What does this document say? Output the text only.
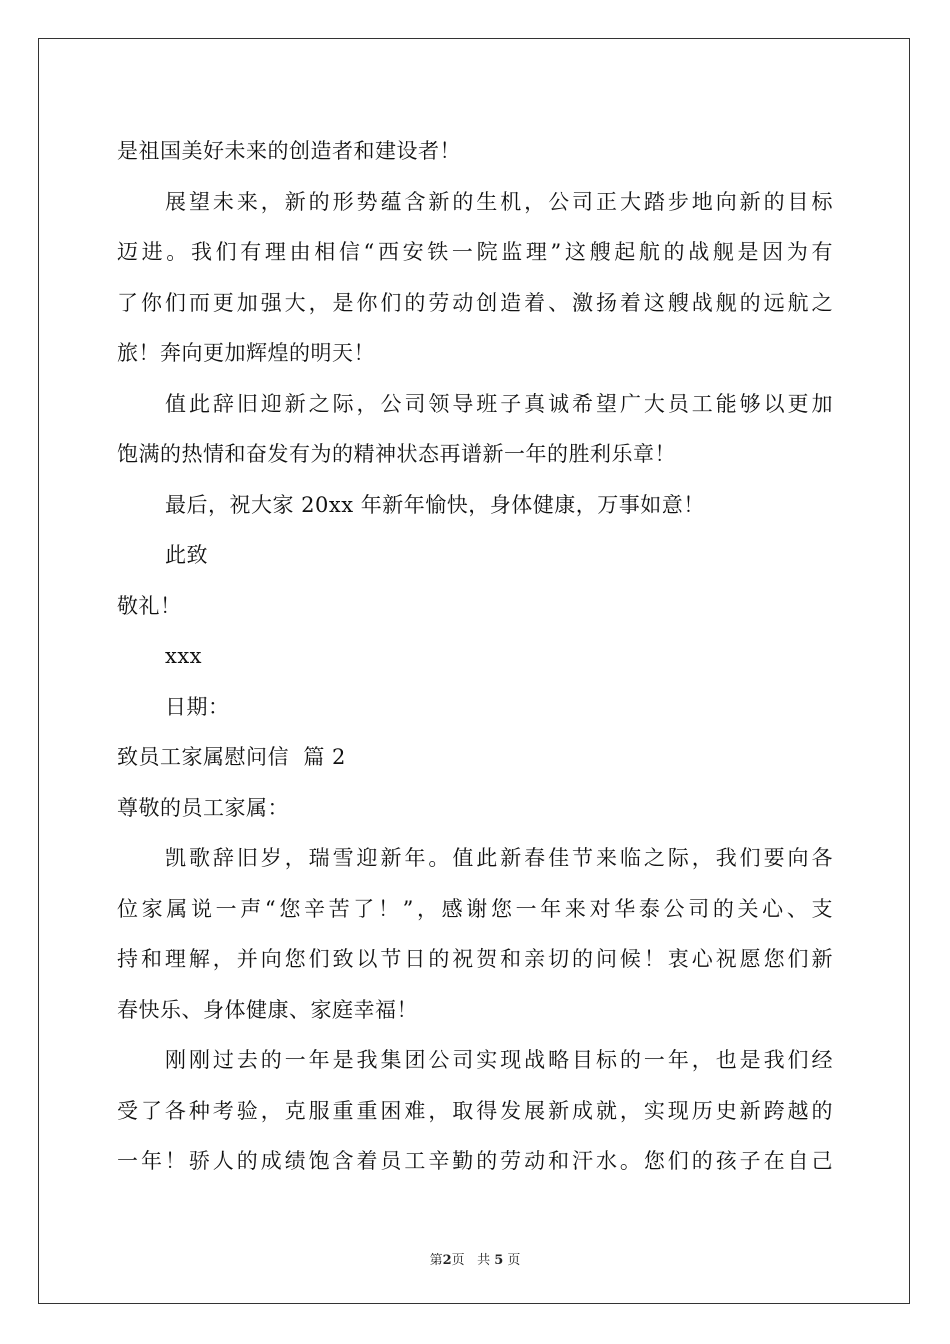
是祖国美好未来的创造者和建设者！
展望未来，新的形势蕴含新的生机，公司正大踏步地向新的目标
迈进。我们有理由相信“西安铁一院监理”这艘起航的战舰是因为有
了你们而更加强大，是你们的劳动创造着、激扬着这艘战舰的远航之
旅！奔向更加辉煌的明天！
值此辞旧迎新之际，公司领导班子真诚希望广大员工能够以更加
饱满的热情和奋发有为的精神状态再谱新一年的胜利乐章！
最后，祝大家 20xx 年新年愉快，身体健康，万事如意！
此致
敬礼！
xxx
日期：
致员工家属慰问信  篇 2
尊敬的员工家属：
凯歌辞旧岁，瑞雪迎新年。值此新春佳节来临之际，我们要向各
位家属说一声“您辛苦了！”，感谢您一年来对华泰公司的关心、支
持和理解，并向您们致以节日的祝贺和亲切的问候！衷心祝愿您们新
春快乐、身体健康、家庭幸福！
刚刚过去的一年是我集团公司实现战略目标的一年，也是我们经
受了各种考验，克服重重困难，取得发展新成就，实现历史新跨越的
一年！骄人的成绩饱含着员工辛勤的劳动和汗水。您们的孩子在自己
第2页 共 5 页
